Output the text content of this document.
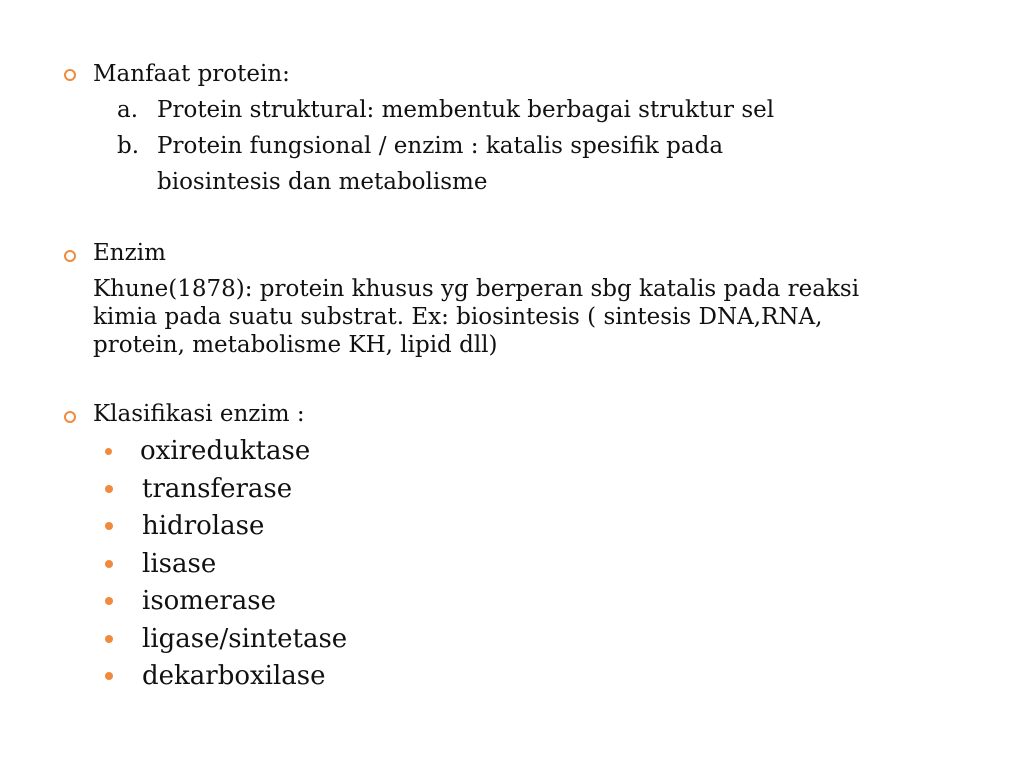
Manfaat protein:
a. Protein struktural: membentuk berbagai struktur sel
b. Protein fungsional / enzim : katalis spesifik pada
biosintesis dan metabolisme
Enzim
Khune(1878): protein khusus yg berperan sbg katalis pada reaksi
kimia pada suatu substrat. Ex: biosintesis ( sintesis DNA,RNA,
protein, metabolisme KH, lipid dll)
Klasifikasi enzim :
oxireduktase
transferase
hidrolase
lisase
isomerase
ligase/sintetase
dekarboxilase
